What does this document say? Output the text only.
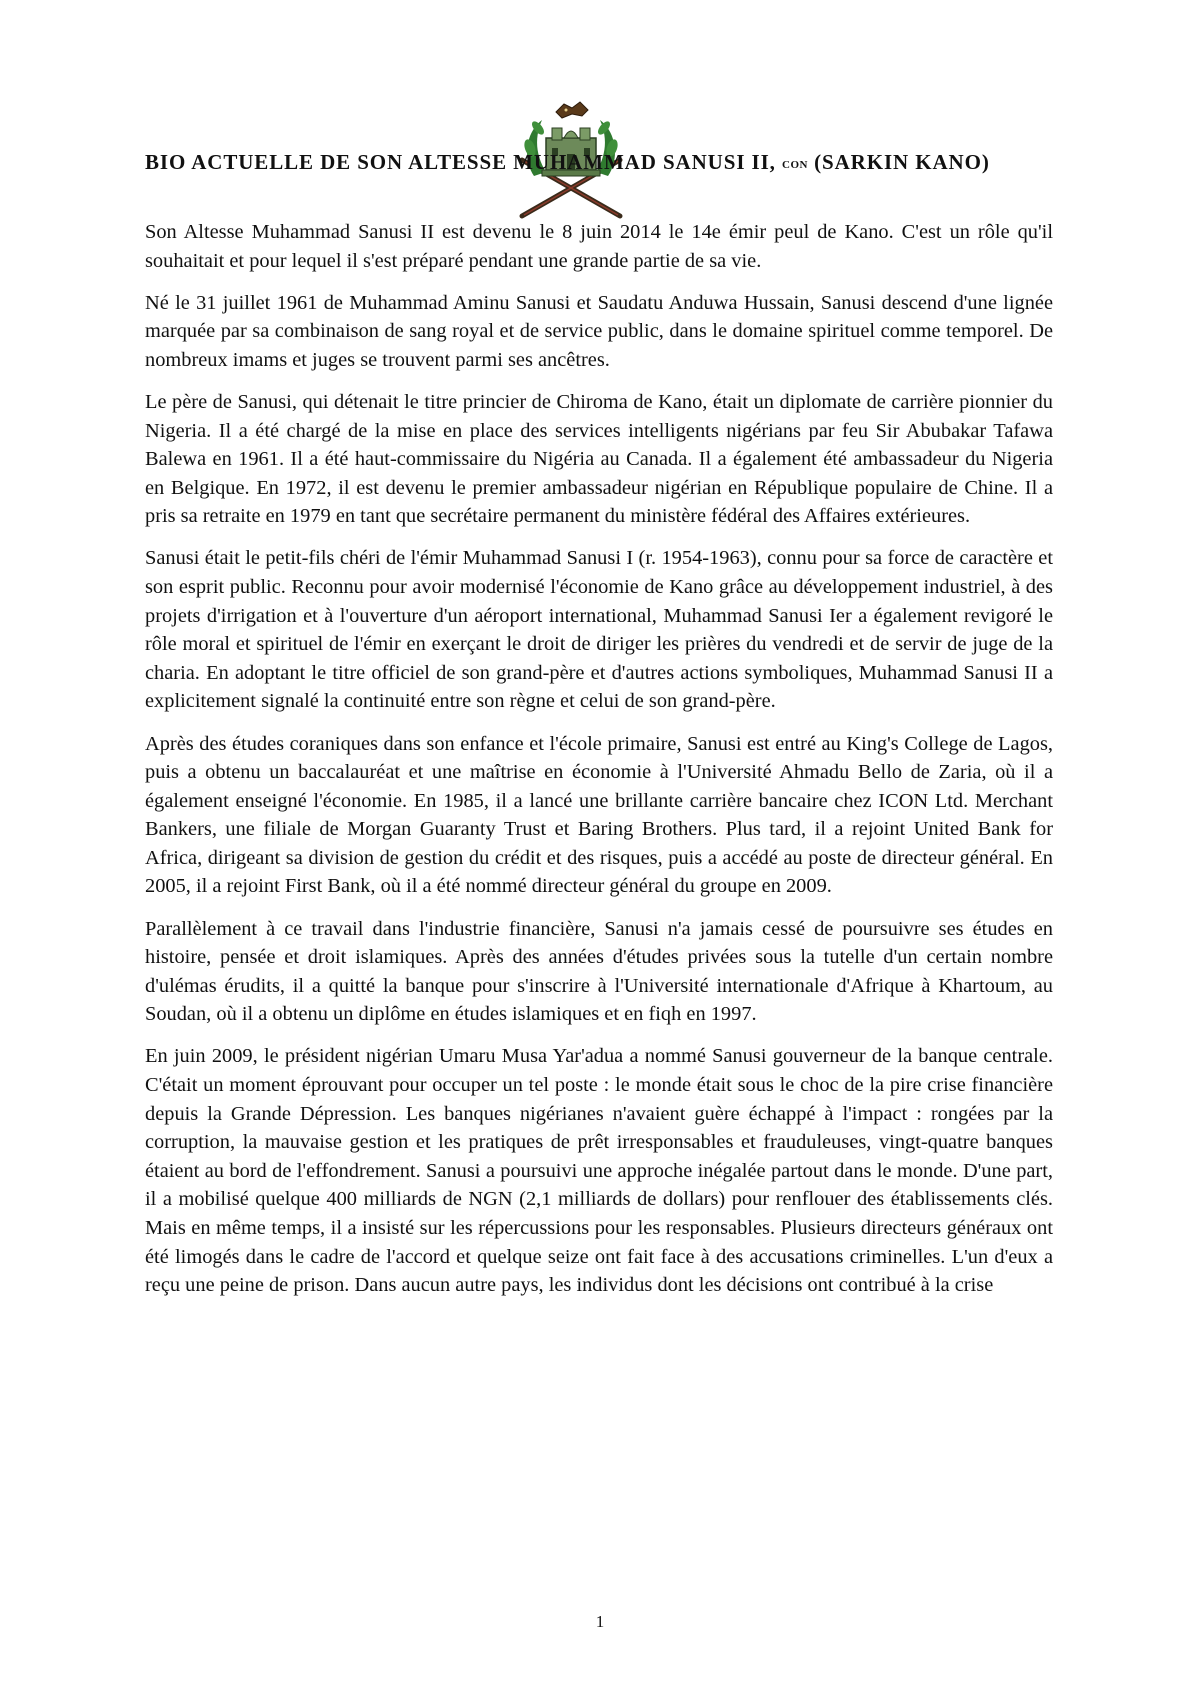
BIO ACTUELLE DE SON ALTESSE MUHAMMAD SANUSI II, CON (SARKIN KANO)

Son Altesse Muhammad Sanusi II est devenu le 8 juin 2014 le 14e émir peul de Kano. C'est un rôle qu'il souhaitait et pour lequel il s'est préparé pendant une grande partie de sa vie.

Né le 31 juillet 1961 de Muhammad Aminu Sanusi et Saudatu Anduwa Hussain, Sanusi descend d'une lignée marquée par sa combinaison de sang royal et de service public, dans le domaine spirituel comme temporel. De nombreux imams et juges se trouvent parmi ses ancêtres.

Le père de Sanusi, qui détenait le titre princier de Chiroma de Kano, était un diplomate de carrière pionnier du Nigeria. Il a été chargé de la mise en place des services intelligents nigérians par feu Sir Abubakar Tafawa Balewa en 1961. Il a été haut-commissaire du Nigéria au Canada. Il a également été ambassadeur du Nigeria en Belgique. En 1972, il est devenu le premier ambassadeur nigérian en République populaire de Chine. Il a pris sa retraite en 1979 en tant que secrétaire permanent du ministère fédéral des Affaires extérieures.

Sanusi était le petit-fils chéri de l'émir Muhammad Sanusi I (r. 1954-1963), connu pour sa force de caractère et son esprit public. Reconnu pour avoir modernisé l'économie de Kano grâce au développement industriel, à des projets d'irrigation et à l'ouverture d'un aéroport international, Muhammad Sanusi Ier a également revigoré le rôle moral et spirituel de l'émir en exerçant le droit de diriger les prières du vendredi et de servir de juge de la charia. En adoptant le titre officiel de son grand-père et d'autres actions symboliques, Muhammad Sanusi II a explicitement signalé la continuité entre son règne et celui de son grand-père.

Après des études coraniques dans son enfance et l'école primaire, Sanusi est entré au King's College de Lagos, puis a obtenu un baccalauréat et une maîtrise en économie à l'Université Ahmadu Bello de Zaria, où il a également enseigné l'économie. En 1985, il a lancé une brillante carrière bancaire chez ICON Ltd. Merchant Bankers, une filiale de Morgan Guaranty Trust et Baring Brothers. Plus tard, il a rejoint United Bank for Africa, dirigeant sa division de gestion du crédit et des risques, puis a accédé au poste de directeur général. En 2005, il a rejoint First Bank, où il a été nommé directeur général du groupe en 2009.

Parallèlement à ce travail dans l'industrie financière, Sanusi n'a jamais cessé de poursuivre ses études en histoire, pensée et droit islamiques. Après des années d'études privées sous la tutelle d'un certain nombre d'ulémas érudits, il a quitté la banque pour s'inscrire à l'Université internationale d'Afrique à Khartoum, au Soudan, où il a obtenu un diplôme en études islamiques et en fiqh en 1997.

En juin 2009, le président nigérian Umaru Musa Yar'adua a nommé Sanusi gouverneur de la banque centrale. C'était un moment éprouvant pour occuper un tel poste : le monde était sous le choc de la pire crise financière depuis la Grande Dépression. Les banques nigérianes n'avaient guère échappé à l'impact : rongées par la corruption, la mauvaise gestion et les pratiques de prêt irresponsables et frauduleuses, vingt-quatre banques étaient au bord de l'effondrement. Sanusi a poursuivi une approche inégalée partout dans le monde. D'une part, il a mobilisé quelque 400 milliards de NGN (2,1 milliards de dollars) pour renflouer des établissements clés. Mais en même temps, il a insisté sur les répercussions pour les responsables. Plusieurs directeurs généraux ont été limogés dans le cadre de l'accord et quelque seize ont fait face à des accusations criminelles. L'un d'eux a reçu une peine de prison. Dans aucun autre pays, les individus dont les décisions ont contribué à la crise

1
